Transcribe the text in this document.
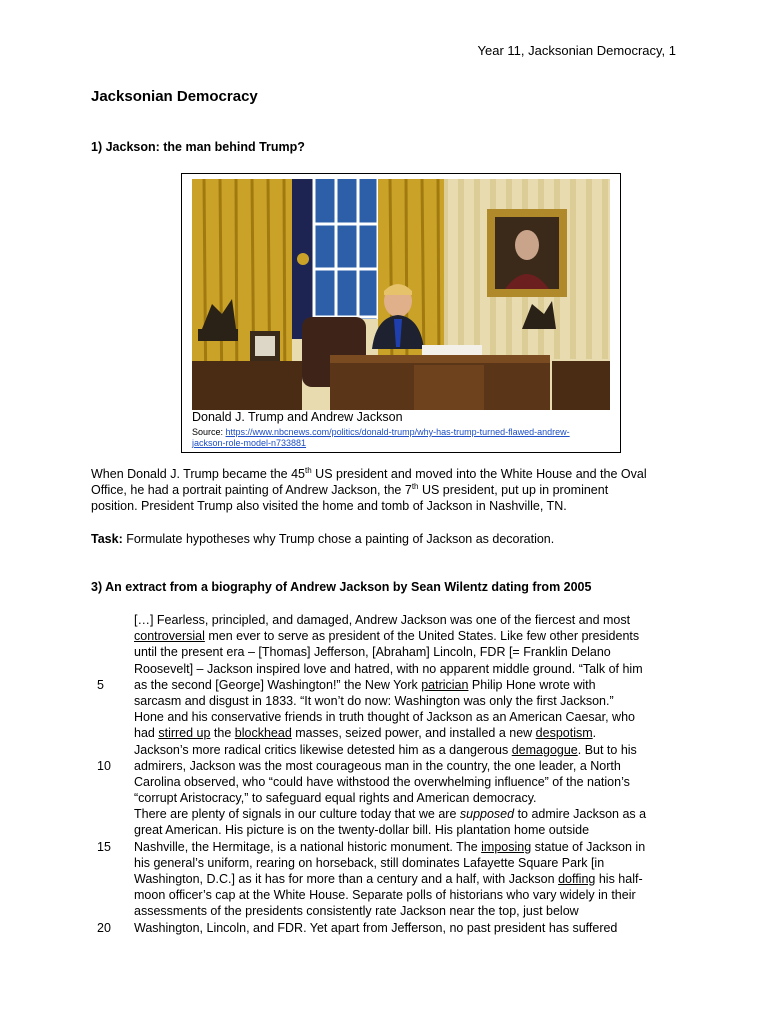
Year 11, Jacksonian Democracy, 1
Jacksonian Democracy
1) Jackson: the man behind Trump?
Donald J. Trump and Andrew Jackson
Source: https://www.nbcnews.com/politics/donald-trump/why-has-trump-turned-flawed-andrew-
jackson-role-model-n733881
When Donald J. Trump became the 45th US president and moved into the White House and the Oval
Office, he had a portrait painting of Andrew Jackson, the 7th US president, put up in prominent
position. President Trump also visited the home and tomb of Jackson in Nashville, TN.
Task: Formulate hypotheses why Trump chose a painting of Jackson as decoration.
3) An extract from a biography of Andrew Jackson by Sean Wilentz dating from 2005
[…] Fearless, principled, and damaged, Andrew Jackson was one of the fiercest and most
controversial men ever to serve as president of the United States. Like few other presidents
until the present era – [Thomas] Jefferson, [Abraham] Lincoln, FDR [= Franklin Delano
Roosevelt] – Jackson inspired love and hatred, with no apparent middle ground. “Talk of him
5	as the second [George] Washington!” the New York patrician Philip Hone wrote with
sarcasm and disgust in 1833. “It won’t do now: Washington was only the first Jackson.”
Hone and his conservative friends in truth thought of Jackson as an American Caesar, who
had stirred up the blockhead masses, seized power, and installed a new despotism.
Jackson’s more radical critics likewise detested him as a dangerous demagogue. But to his
10	admirers, Jackson was the most courageous man in the country, the one leader, a North
Carolina observed, who “could have withstood the overwhelming influence” of the nation’s
“corrupt Aristocracy,” to safeguard equal rights and American democracy.
There are plenty of signals in our culture today that we are supposed to admire Jackson as a
great American. His picture is on the twenty-dollar bill. His plantation home outside
15	Nashville, the Hermitage, is a national historic monument. The imposing statue of Jackson in
his general’s uniform, rearing on horseback, still dominates Lafayette Square Park [in
Washington, D.C.] as it has for more than a century and a half, with Jackson doffing his half-
moon officer’s cap at the White House. Separate polls of historians who vary widely in their
assessments of the presidents consistently rate Jackson near the top, just below
20	Washington, Lincoln, and FDR. Yet apart from Jefferson, no past president has suffered
